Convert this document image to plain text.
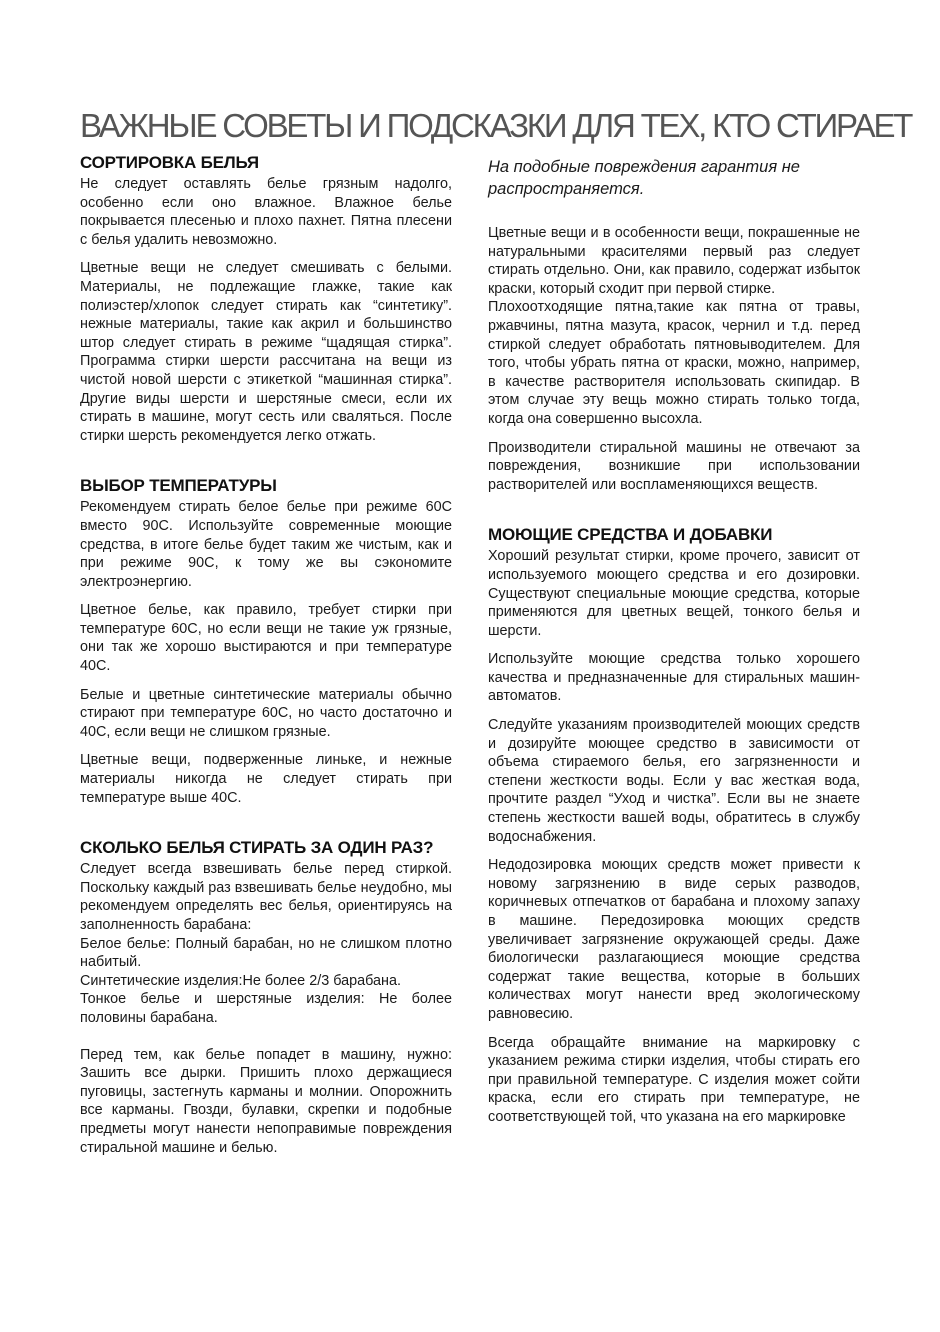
ВАЖНЫЕ СОВЕТЫ И ПОДСКАЗКИ ДЛЯ ТЕХ, КТО СТИРАЕТ
СОРТИРОВКА БЕЛЬЯ

Не следует оставлять белье грязным надолго, особенно если оно влажное. Влажное белье покрывается плесенью и плохо пахнет. Пятна плесени с белья удалить невозможно.

Цветные вещи не следует смешивать с белыми. Материалы, не подлежащие глажке, такие как полиэстер/хлопок следует стирать как “синтетику”. нежные материалы, такие как акрил и большинство штор следует стирать в режиме “щадящая стирка”. Программа стирки шерсти рассчитана на вещи из чистой новой шерсти с этикеткой “машинная стирка”. Другие виды шерсти и шерстяные смеси, если их стирать в машине, могут сесть или сваляться. После стирки шерсть рекомендуется легко отжать.

ВЫБОР ТЕМПЕРАТУРЫ

Рекомендуем стирать белое белье при режиме 60С вместо 90С. Используйте современные моющие средства, в итоге белье будет таким же чистым, как и при режиме 90С, к тому же вы сэкономите электроэнергию.

Цветное белье, как правило, требует стирки при температуре 60С, но если вещи не такие уж грязные, они так же хорошо выстираются и при температуре 40С.

Белые и цветные синтетические материалы обычно стирают при температуре 60С, но часто достаточно и 40С, если вещи не слишком грязные.

Цветные вещи, подверженные линьке, и нежные материалы никогда не следует стирать при температуре выше 40С.

СКОЛЬКО БЕЛЬЯ СТИРАТЬ ЗА ОДИН РАЗ?

Следует всегда взвешивать белье перед стиркой. Поскольку каждый раз взвешивать белье неудобно, мы рекомендуем определять вес белья, ориентируясь на заполненность барабана:

Белое белье: Полный барабан, но не слишком плотно набитый.

Синтетические изделия:Не более 2/3 барабана.

Тонкое белье и шерстяные изделия: Не более половины барабана.

Перед тем, как белье попадет в машину, нужно: Зашить все дырки. Пришить плохо держащиеся пуговицы, застегнуть карманы и молнии. Опорожнить все карманы. Гвозди, булавки, скрепки и подобные предметы могут нанести непоправимые повреждения стиральной машине и белью.

На подобные повреждения гарантия не распространяется.

Цветные вещи и в особенности вещи, покрашенные не натуральными красителями первый раз следует стирать отдельно. Они, как правило, содержат избыток краски, который сходит при первой стирке.

Плохоотходящие пятна,такие как пятна от травы, ржавчины, пятна мазута, красок, чернил и т.д. перед стиркой следует обработать пятновыводителем. Для того, чтобы убрать пятна от краски, можно, например, в качестве растворителя использовать скипидар. В этом случае эту вещь можно стирать только тогда, когда она совершенно высохла.

Производители стиральной машины не отвечают за повреждения, возникшие при использовании растворителей или воспламеняющихся веществ.

МОЮЩИЕ СРЕДСТВА И ДОБАВКИ

Хороший результат стирки, кроме прочего, зависит от используемого моющего средства и его дозировки. Существуют специальные моющие средства, которые применяются для цветных вещей, тонкого белья и шерсти.

Используйте моющие средства только хорошего качества и предназначенные для стиральных машин-автоматов.

Следуйте указаниям производителей моющих средств и дозируйте моющее средство в зависимости от объема стираемого белья, его загрязненности и степени жесткости воды. Если у вас жесткая вода, прочтите раздел “Уход и чистка”. Если вы не знаете степень жесткости вашей воды, обратитесь в службу водоснабжения.

Недодозировка моющих средств может привести к новому загрязнению в виде серых разводов, коричневых отпечатков от барабана и плохому запаху в машине. Передозировка моющих средств увеличивает загрязнение окружающей среды. Даже биологически разлагающиеся моющие средства содержат такие вещества, которые в больших количествах могут нанести вред экологическому равновесию.

Всегда обращайте внимание на маркировку с указанием режима стирки изделия, чтобы стирать его при правильной температуре. С изделия может сойти краска, если его стирать при температуре, не соответствующей той, что указана на его маркировке
